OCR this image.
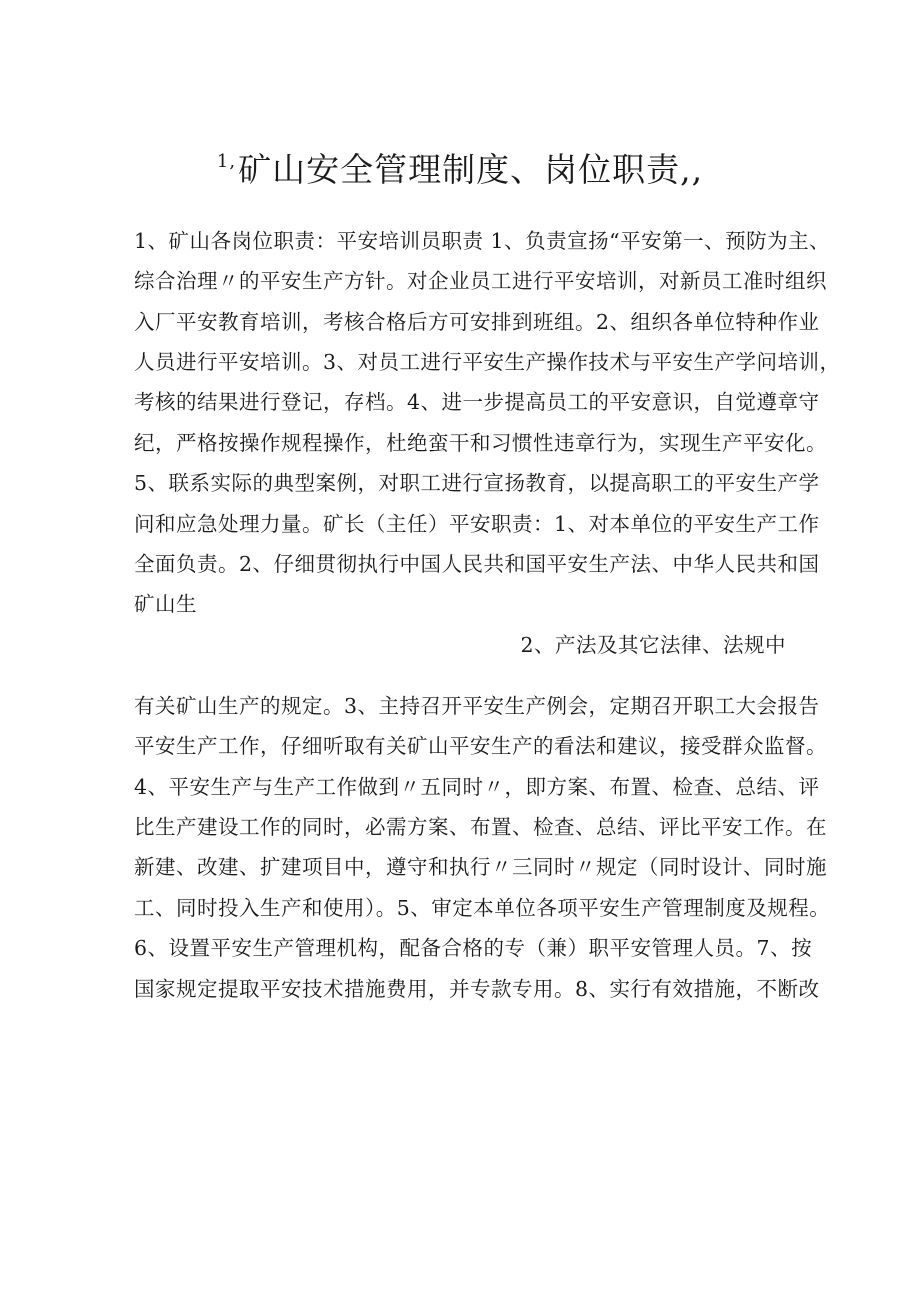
$^{1,}$矿山安全管理制度、岗位职责,,
1、矿山各岗位职责：平安培训员职责 1、负责宣扬“平安第一、预防为主、
综合治理〃的平安生产方针。对企业员工进行平安培训，对新员工准时组织
入厂平安教育培训，考核合格后方可安排到班组。2、组织各单位特种作业
人员进行平安培训。3、对员工进行平安生产操作技术与平安生产学问培训，
考核的结果进行登记，存档。4、进一步提高员工的平安意识，自觉遵章守
纪，严格按操作规程操作，杜绝蛮干和习惯性违章行为，实现生产平安化。
5、联系实际的典型案例，对职工进行宣扬教育，以提高职工的平安生产学
问和应急处理力量。矿长（主任）平安职责：1、对本单位的平安生产工作
全面负责。2、仔细贯彻执行中国人民共和国平安生产法、中华人民共和国
矿山生
2、产法及其它法律、法规中
有关矿山生产的规定。3、主持召开平安生产例会，定期召开职工大会报告
平安生产工作，仔细听取有关矿山平安生产的看法和建议，接受群众监督。
4、平安生产与生产工作做到〃五同时〃，即方案、布置、检查、总结、评
比生产建设工作的同时，必需方案、布置、检查、总结、评比平安工作。在
新建、改建、扩建项目中，遵守和执行〃三同时〃规定（同时设计、同时施
工、同时投入生产和使用）。5、审定本单位各项平安生产管理制度及规程。
6、设置平安生产管理机构，配备合格的专（兼）职平安管理人员。7、按
国家规定提取平安技术措施费用，并专款专用。8、实行有效措施，不断改
